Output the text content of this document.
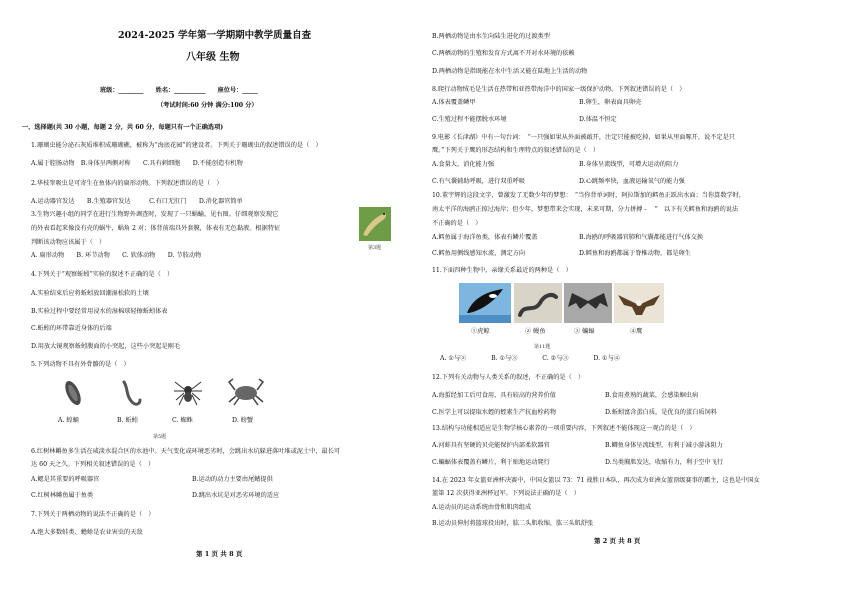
2024-2025 学年第一学期期中教学质量自查
八年级 生物
班级：________　　姓名：__________　　座位号：_____
（考试时间:60 分钟 满分:100 分）
一、选择题(共 30 小题，每题 2 分，共 60 分，每题只有一个正确选项)
1.珊瑚虫能分泌石灰质堆积成珊瑚礁，被称为“海底花园”的建设者。下列关于珊瑚虫的叙述错误的是（　）
A.属于腔肠动物　B.身体呈两侧对称　　C.具有刺细胞　　D.不能创造有机物
2.华枝睾吸虫是可寄生在鱼体内的扁形动物。下列叙述错误的是（　）
A.运动器官发达　　B.生殖器官发达　　　C.有口无肛门　　D.消化器官简单
3.生物兴趣小组的同学在进行生物野外调查时，发现了一只蜗蝓，见右图。仔细观察发现它
的外表看起来像没有壳的蜗牛，蜗角 2 对；体背前端具外套膜，体表有无色黏液。根据特征
判断该动物应该属于（　）
A. 扁形动物　　B. 环节动物　　C. 软体动物　　D. 节肢动物
第3题
4.下列关于“观察蚯蚓”实验的叙述不正确的是（　）
A.实验结束后应将蚯蚓放回潮湿松软的土壤
B.实验过程中要经常用浸水的湿棉球轻擦蚯蚓体表
C.蚯蚓的环带靠近身体的后端
D.用放大镜观察蚯蚓腹面的小突起，这些小突起是刚毛
5.下列动物不具有外骨骼的是（　）
A. 蝗蛹	B. 蚯蚓	C. 蜘蛛	D. 螃蟹
第5题
6.红树林鳉鱼多生活在咸淡水混合区的水池中。天气变化或环境恶劣时，会跳出水坑躲进落叶堆或泥土中，最长可
达 60 天之久。下列相关叙述错误的是（　）
A.鳃是其重要的呼吸器官	B.运动的动力主要由尾鳍提供
C.红树林鳉鱼属于鱼类	D.跳出水坑是对恶劣环境的适应
7.下列关于两栖动物的说法不正确的是（　）
A.绝大多数蛙类、蟾蜍是农业害虫的天敌
第 1 页 共 8 页
B.两栖动物是由水生向陆生进化的过渡类型
C.两栖动物的生殖和发育方式离不开对水环境的依赖
D.两栖动物是指既能在水中生活又能在陆地上生活的动物
8.爬行动物绒毛是生活在热带和亚热带海洋中的国家一级保护动物。下列叙述错误的是（　）
A.体表覆盖鳞甲	B.卵生，卵表面具卵壳
C.生殖过程不能摆脱水环境	D.体温不恒定
9.电影《长津湖》中有一句台词：　“一只强如果从外面被敲开，注定只能被吃掉，如果从里面啄开，说不定是只
鹰。”下列关于鹰的形态结构和生理特点的叙述错误的是（　）
A.食量大，消化能力强	B.身体呈流线型，可增大运动的阻力
C.有气囊辅助呼吸，进行双重呼吸	D.心跳频率快，血液运输氧气的能力强
10.董宇辉的这段文字，曾激发了无数少年的梦想：　“当你背单词时，阿拉斯加的鳕鱼正跃出水面；当你算数学时，
南太平洋的海鸥正掠过海岸；但少年，梦想带来会实现，未来可期，分力拼搏 - 　”　以下有关鳕鱼和海鸥的说法
不正确的是（　）
A.鳕鱼属于海洋鱼类，体表有鳞片覆盖	B.海鸥的呼吸器官肺和气囊都能进行气体交换
C.鳕鱼用侧线感知水流，测定方向	D.鳕鱼和海鸥都属于脊椎动物，都是卵生
11.下面四种生物中，亲缘关系最近的两种是（　）
①虎鲸	② 鳗鱼	③ 蝙蝠	④鹰
第11题
A. ①与②　　　　B. ①与③　　　　C. ②与③　　　　D. ①与④
12.下列有关动物与人类关系的叙述，不正确的是（　）
A.海蜇经加工后可食用，具有较高的营养价值	B.食用煮熟的蔬菜，会感染蛔虫病
C.医学上可以提取水蛭的蛭素生产抗血栓药物	D.蚯蚓富含蛋白质，是优良的蛋白质饲料
13.结构与功能相适应是生物学核心素养的一项重要内容，下列叙述不能体现这一观点的是（　）
A.河蚌具有坚硬的贝壳能保护内部柔软器官	B.鲫鱼身体呈流线型，有利于减小游泳阻力
C.蝙蝠体表覆盖有鳞片，利于贴地运动爬行	D.鸟类胸肌发达，收缩有力，利于空中飞行
14.在 2023 年女篮亚洲杯决赛中，中国女篮以 73：71 战胜日本队，再次成为亚洲女篮顶级赛事的霸主，这也是中国女
篮第 12 次获得亚洲杯冠军。下列说法正确的是（　）
A.运动员的运动系统由骨和肌肉组成
B.运动员伸肘将篮球投出时，肱二头肌收缩，肱三头肌舒张
第 2 页 共 8 页
